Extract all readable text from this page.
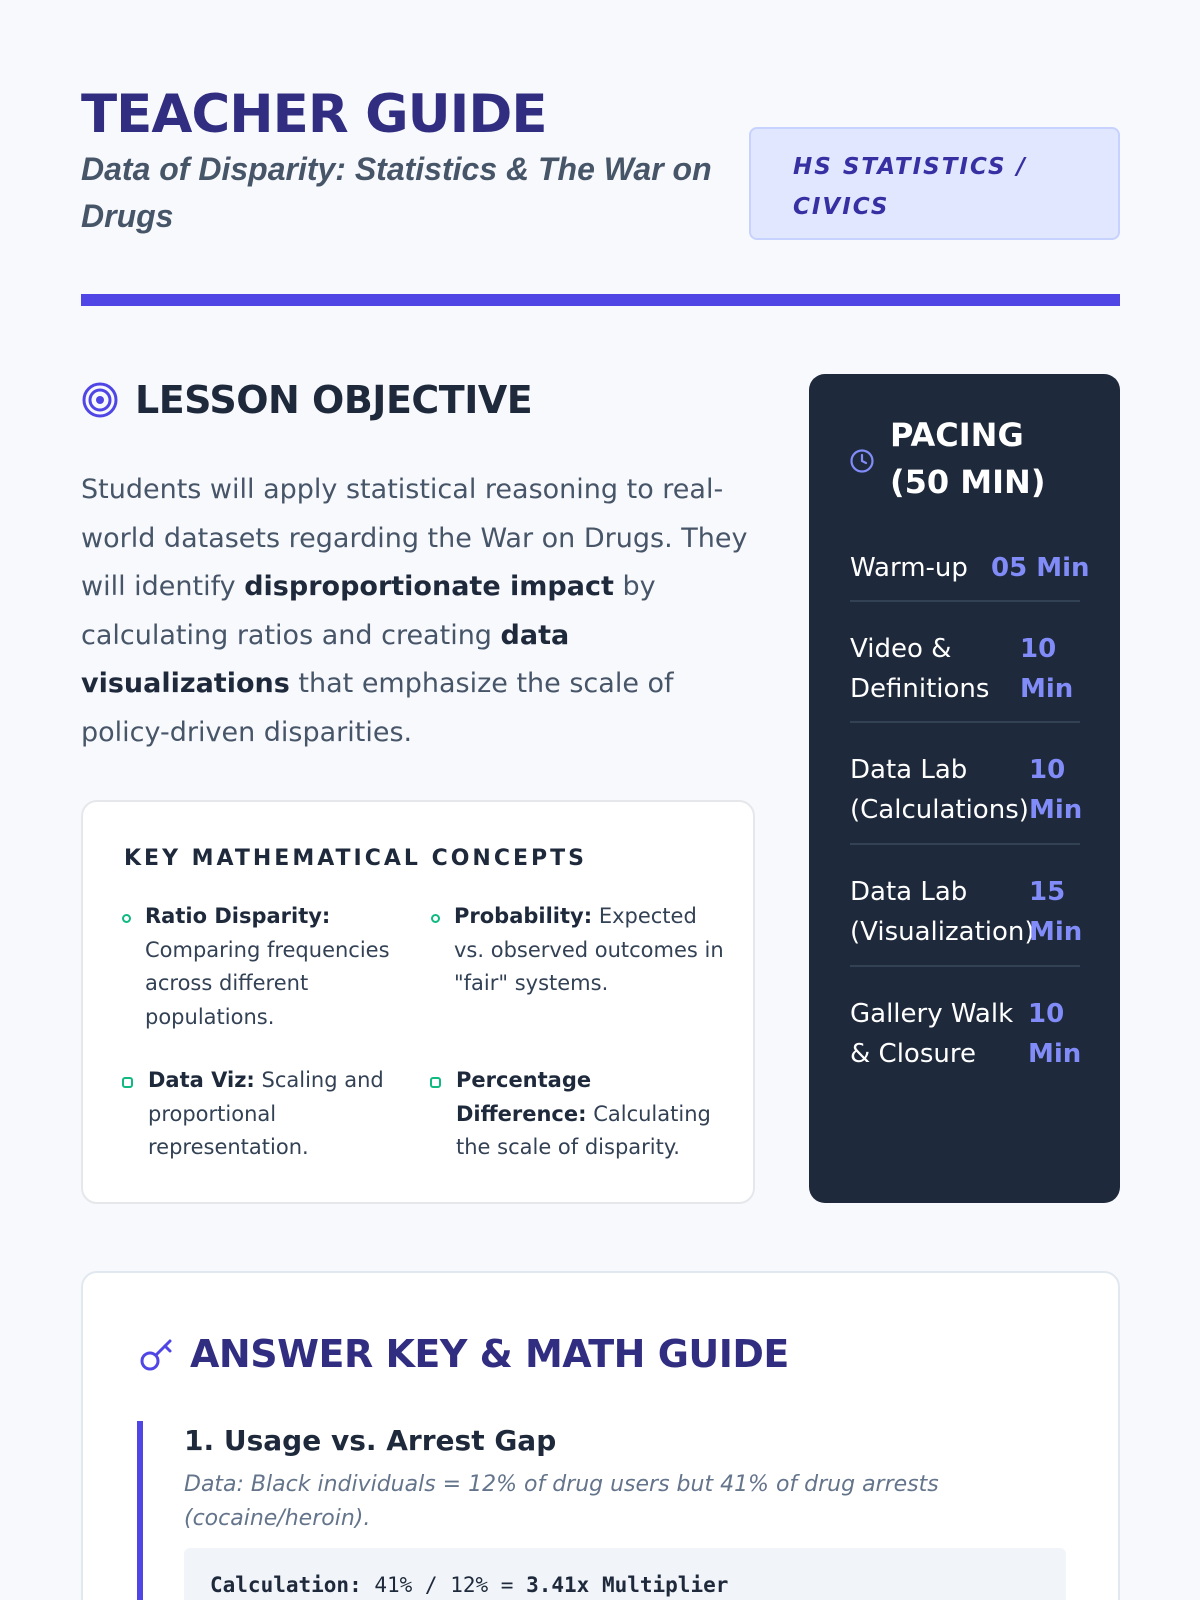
TEACHER GUIDE
Data of Disparity: Statistics & The War on Drugs
HS STATISTICS / CIVICS
LESSON OBJECTIVE

Students will apply statistical reasoning to real-world datasets regarding the War on Drugs. They will identify disproportionate impact by calculating ratios and creating data visualizations that emphasize the scale of policy-driven disparities.

KEY MATHEMATICAL CONCEPTS
Ratio Disparity: Comparing frequencies across different populations.
Probability: Expected vs. observed outcomes in "fair" systems.
Data Viz: Scaling and proportional representation.
Percentage Difference: Calculating the scale of disparity.
ANSWER KEY & MATH GUIDE
1. Usage vs. Arrest Gap
Data: Black individuals = 12% of drug users but 41% of drug arrests (cocaine/heroin).
Calculation: 41% / 12% = 3.41x Multiplier
PACING (50 MIN)
Warm-up 05 Min
Video & Definitions
10 Min
Data Lab (Calculations)
10 Min
Data Lab (Visualization)
15 Min
Gallery Walk & Closure
10 Min
